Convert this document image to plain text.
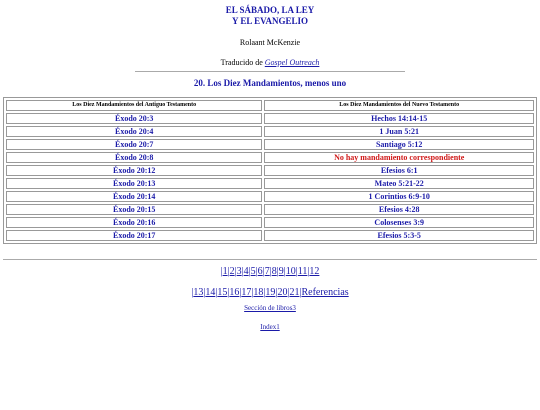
EL SÁBADO, LA LEY
Y EL EVANGELIO
Rolaant McKenzie
Traducido de Gospel Outreach
20. Los Diez Mandamientos, menos uno
Los Diez Mandamientos del Antiguo Testamento	Los Diez Mandamientos del Nuevo Testamento
Éxodo 20:3	Hechos 14:14-15
Éxodo 20:4	1 Juan 5:21
Éxodo 20:7	Santiago 5:12
Éxodo 20:8	No hay mandamiento correspondiente
Éxodo 20:12	Efesios 6:1
Éxodo 20:13	Mateo 5:21-22
Éxodo 20:14	1 Corintios 6:9-10
Éxodo 20:15	Efesios 4:28
Éxodo 20:16	Colosenses 3:9
Éxodo 20:17	Efesios 5:3-5
|1|2|3|4|5|6|7|8|9|10|11|12
|13|14|15|16|17|18|19|20|21|Referencias
Sección de libros3
Index1
